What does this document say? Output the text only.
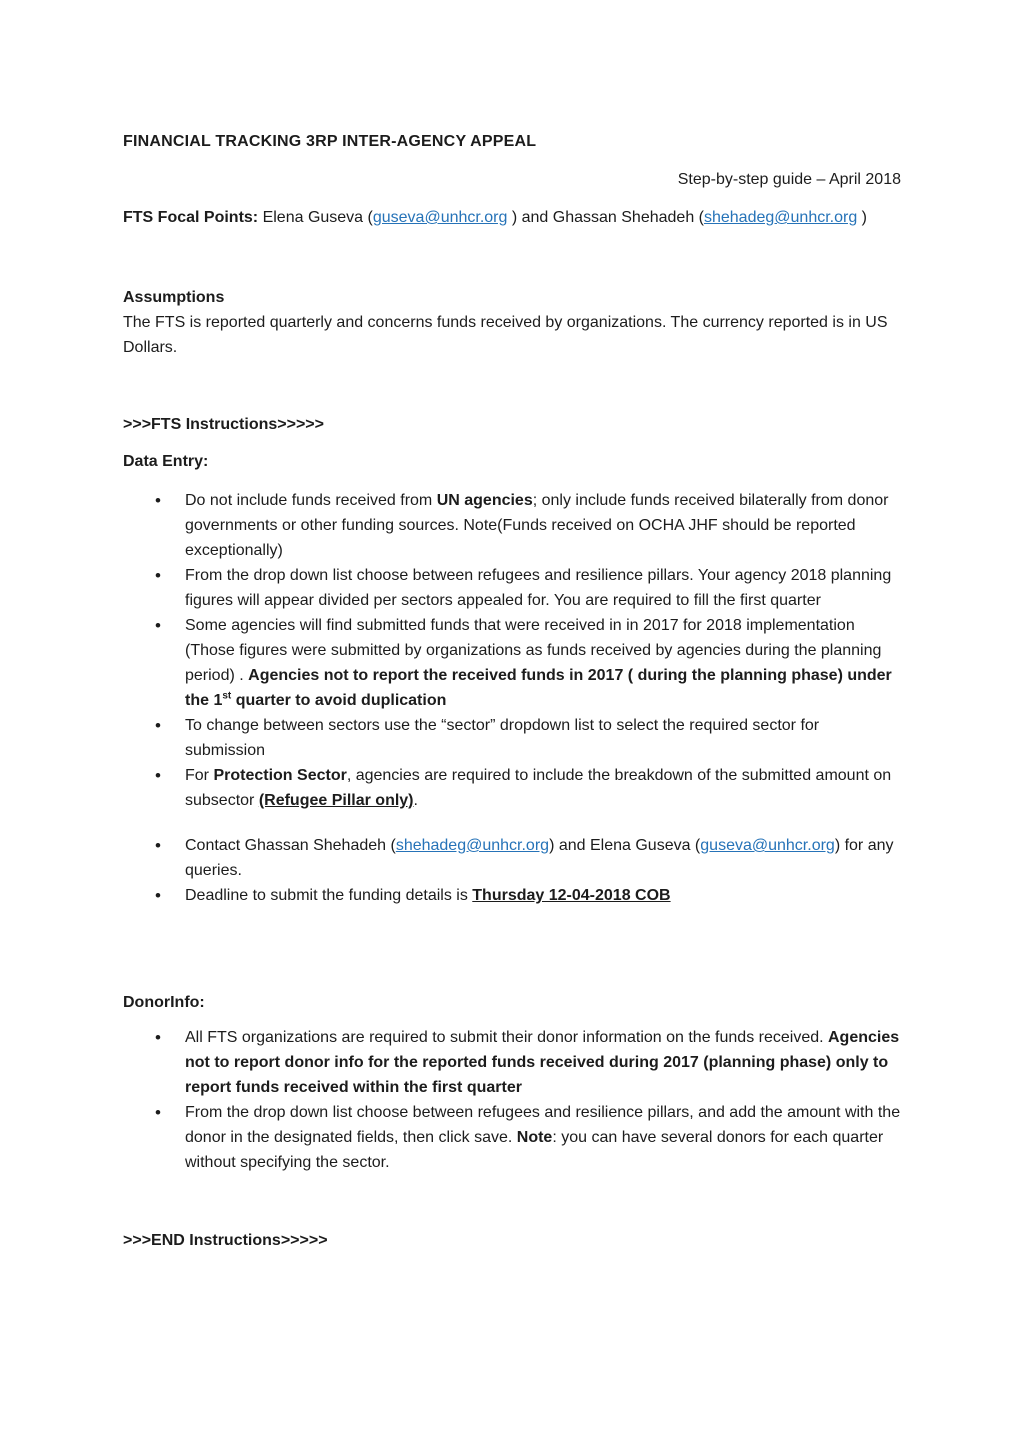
FINANCIAL TRACKING 3RP INTER-AGENCY APPEAL

Step-by-step guide – April 2018

FTS Focal Points: Elena Guseva (guseva@unhcr.org ) and Ghassan Shehadeh (shehadeg@unhcr.org )

Assumptions

The FTS is reported quarterly and concerns funds received by organizations. The currency reported is in US Dollars.

>>>FTS Instructions>>>>>

Data Entry:

• Do not include funds received from UN agencies; only include funds received bilaterally from donor governments or other funding sources. Note(Funds received on OCHA JHF should be reported exceptionally)
• From the drop down list choose between refugees and resilience pillars. Your agency 2018 planning figures will appear divided per sectors appealed for. You are required to fill the first quarter
• Some agencies will find submitted funds that were received in in 2017 for 2018 implementation (Those figures were submitted by organizations as funds received by agencies during the planning period) . Agencies not to report the received funds in 2017 ( during the planning phase) under the 1st quarter to avoid duplication
• To change between sectors use the “sector” dropdown list to select the required sector for submission
• For Protection Sector, agencies are required to include the breakdown of the submitted amount on subsector (Refugee Pillar only).
• Contact Ghassan Shehadeh (shehadeg@unhcr.org) and Elena Guseva (guseva@unhcr.org) for any queries.
• Deadline to submit the funding details is Thursday 12-04-2018 COB

DonorInfo:

• All FTS organizations are required to submit their donor information on the funds received. Agencies not to report donor info for the reported funds received during 2017 (planning phase) only to report funds received within the first quarter
• From the drop down list choose between refugees and resilience pillars, and add the amount with the donor in the designated fields, then click save. Note: you can have several donors for each quarter without specifying the sector.

>>>END Instructions>>>>>
